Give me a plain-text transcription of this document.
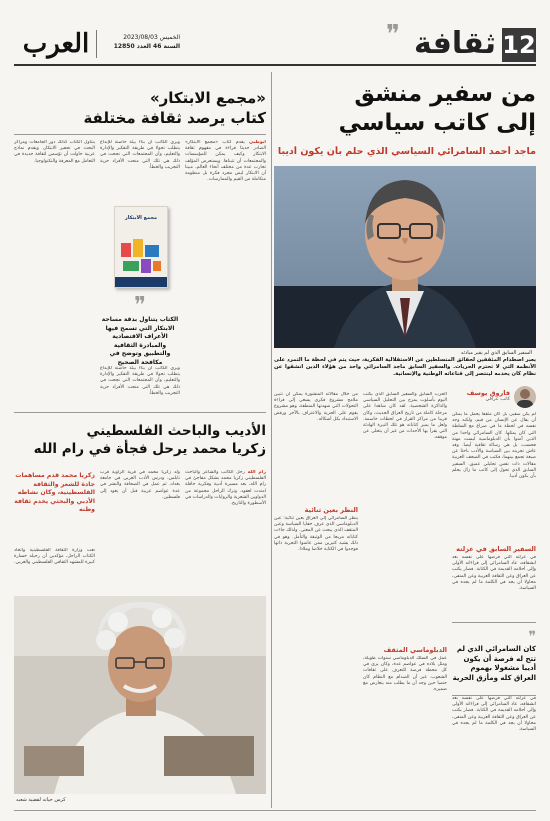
12
ثقافة
❞
العرب	الخميس 2023/08/03
السنة 46 العدد 12850
من سفير منشق
إلى كاتب سياسي
ماجد أحمد السامرائي السياسي الذي حلم بأن يكون أديبا
السفير السابق الذي لم يقبر مبادئه
يعبر اصطدام المثقفين لحقائق المتسلطين عن الاستقلالية الفكرية، حيث يتم في لحظة ما التمرد على الأنظمة التي لا تحترم الحريات. والسفير السابق ماجد السامرائي واحد من هؤلاء الذين انشقوا عن نظام كان يخدمه لينتصر إلى قناعاته الوطنية والإنسانية.
فاروق يوسف
كاتب عراقي
لم يكن سفير، بل كان مثقفا يحمل ما يمكن أن يقال عن الإنسان من قيم، ولكنه وجد نفسه في لحظة ما في صراع مع السلطة التي كان يمثلها. كان السامرائي واحدا من الذين آمنوا بأن الدبلوماسية ليست مهنة فحسب، بل هي رسالة ثقافية أيضا. وقد عاش تجربته بين السياسة والأدب باحثا عن صيغة تجمع بينهما، فكتب في الصحف العربية مقالات ذات نفس تحليلي عميق. السفير السابق الذي تحول إلى كاتب ما زال يحلم بأن يكون أديبا.
السفير السابق في عزلته
في عزلته التي فرضها على نفسه بعد انشقاقه، عاد السامرائي إلى قراءاته الأولى وإلى أحلامه القديمة في الكتابة. فصار يكتب عن العراق وعن الثقافة العربية وعن المنفى، محاولا أن يجد في الكلمة ما لم يجده في السياسة.
❞
كان السامرائي الذي لم تتح له فرصة أن يكون أديبا مشغولا بهموم العراق كله ومأزق الحرية
في عزلته التي فرضها على نفسه بعد انشقاقه، عاد السامرائي إلى قراءاته الأولى وإلى أحلامه القديمة في الكتابة. فصار يكتب عن العراق وعن الثقافة العربية وعن المنفى، محاولا أن يجد في الكلمة ما لم يجده في السياسة.
الحزب السابق والسفير السابق الذي يكتب اليوم بأسلوب يمزج بين التحليل السياسي والذاكرة الشخصية. لقد كان شاهدا على مرحلة كاملة من تاريخ العراق الحديث، وكان قريبا من مراكز القرار في لحظات حاسمة. ولعل ما يميز كتاباته هو تلك النبرة الهادئة التي يقرأ بها الأحداث من غير أن يتخلى عن موقفه.
الدبلوماسي المثقف
عمل في السلك الدبلوماسي سنوات طويلة، ومثل بلاده في عواصم عدة، وكان يرى في كل محطة فرصة للتعرف على ثقافات الشعوب. غير أن الصدام مع النظام كان حتميا حين وجد أن ما يطلب منه يتعارض مع ضميره.
من خلال مقالاته المنشورة يمكن أن نتبين ملامح مشروع فكري يسعى إلى قراءة التحولات التي شهدتها المنطقة، وهو مشروع يقوم على الحرية والاعتراف بالآخر ورفض الاستبداد بكل أشكاله.
النظر بعين ثنائية
ينظر السامرائي إلى العراق بعين ثنائية: عين الدبلوماسي الذي عرف خفايا السياسة وعين المثقف الذي يبحث عن المعنى. ولذلك جاءت كتاباته مزيجا من الوثيقة والتأمل. وهو في ذلك يشبه كثيرين ممن عاشوا التجربة ذاتها فوجدوا في الكتابة خلاصا وملاذا.
«مجمع الابتكار»
كتاب يرصد ثقافة مختلفة
أبوظبي يقدم كتاب «مجمع الابتكار» الصادر حديثا قراءة في مفهوم ثقافة الابتكار وكيف يمكن للمؤسسات والمجتمعات أن تتبناها. ويستعرض المؤلف تجارب عدة من مختلف أنحاء العالم، مبينا أن الابتكار ليس مجرد فكرة بل منظومة متكاملة من القيم والممارسات.
ويرى الكاتب أن بناء بيئة حاضنة للإبداع يتطلب تحولا في طريقة التفكير والإدارة والتعليم، وأن المجتمعات التي نجحت في ذلك هي تلك التي منحت الأفراد حرية التجريب والخطأ.
مجمع الابتكار
❞
الكتاب يتناول بدقة مساحة الابتكار التي تسمح فيها الأعراف الاقتصادية والمبادرة الثقافية والتطبيق وتوضح في مكافحة الصحيح
يتناول الكتاب كذلك دور الجامعات ومراكز البحث في تحفيز الابتكار، ويقدم نماذج عربية حاولت أن تؤسس لثقافة جديدة في التعامل مع المعرفة والتكنولوجيا.
ويرى الكاتب أن بناء بيئة حاضنة للإبداع يتطلب تحولا في طريقة التفكير والإدارة والتعليم، وأن المجتمعات التي نجحت في ذلك هي تلك التي منحت الأفراد حرية التجريب والخطأ.
الأديب والباحث الفلسطيني
زكريا محمد يرحل فجأة في رام الله
رام الله رحل الكاتب والشاعر والباحث الفلسطيني زكريا محمد بشكل مفاجئ في رام الله، بعد مسيرة أدبية وفكرية حافلة امتدت لعقود. وترك الراحل مجموعة من الدواوين الشعرية والروايات والدراسات في الأسطورة والتاريخ.
ولد زكريا محمد في قرية الزاوية قرب نابلس، ودرس الأدب العربي في جامعة بغداد، ثم عمل في الصحافة والنشر في عدة عواصم عربية قبل أن يعود إلى فلسطين.
زكريا محمد قدم مساهمات جادة للشعر والثقافة الفلسطينية، وكان نشاطه الأدبي والبحثي يخدم ثقافة وطنه
نعت وزارة الثقافة الفلسطينية واتحاد الكتاب الراحل، مؤكدين أن رحيله خسارة كبيرة للمشهد الثقافي الفلسطيني والعربي.
كرس حياته لقضية شعبه
